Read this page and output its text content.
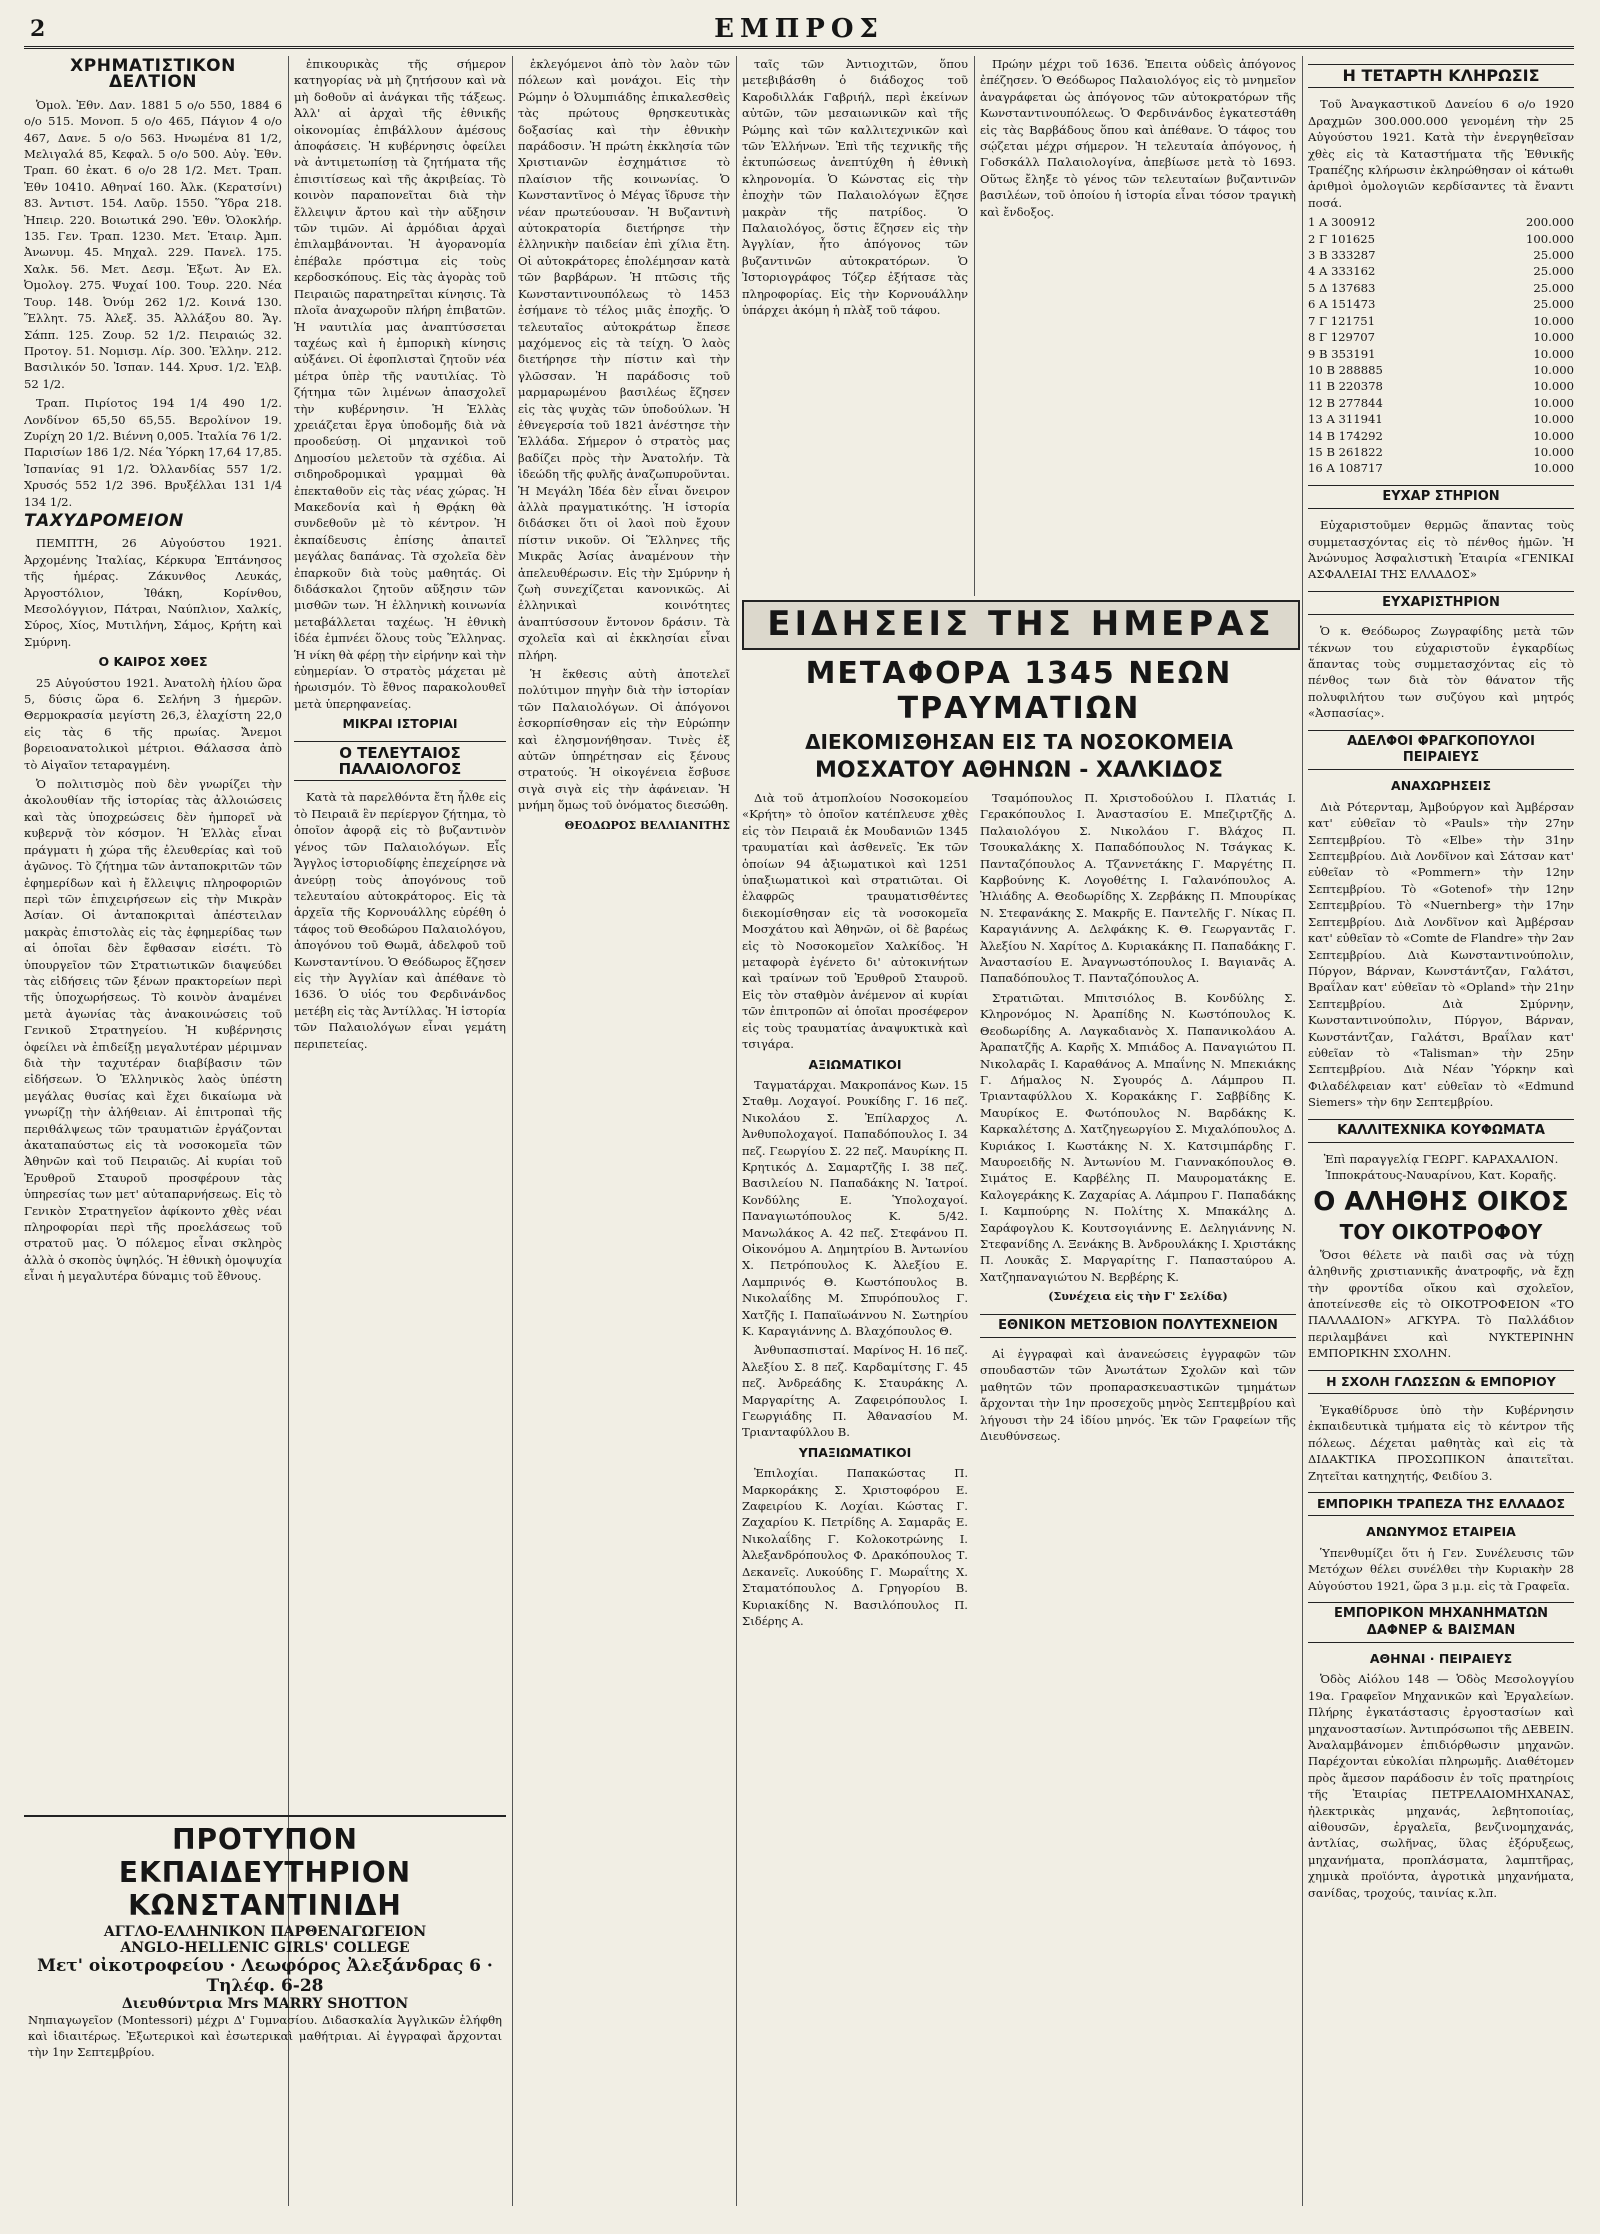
2	ΕΜΠΡΟΣ
ΧΡΗΜΑΤΙΣΤΙΚΟΝ ΔΕΛΤΙΟΝ

Ὁμολ. Ἐθν. Δαν. 1881 5 ο/ο 550, 1884 6 ο/ο 515. Μονοπ. 5 ο/ο 465, Πάγιον 4 ο/ο 467, Δανε. 5 ο/ο 563. Ηνωμένα 81 1/2, Μελιγαλά 85, Κεφαλ. 5 ο/ο 500. Αὐγ. Ἐθν. Τραπ. 60 ἐκατ. 6 ο/ο 28 1/2. Μετ. Τραπ. Ἐθν 10410. Αθηναί 160. Ἀλκ. (Κερατσίνι) 83. Ἀντιστ. 154. Λαῦρ. 1550. Ὕδρα 218. Ἠπειρ. 220. Βοιωτικά 290. Ἐθν. Ὁλοκλήρ. 135. Γεν. Τραπ. 1230. Μετ. Ἐταιρ. Ἀμπ. Ἀνωνυμ. 45. Μηχαλ. 229. Πανελ. 175. Χαλκ. 56. Μετ. Δεσμ. Ἐξωτ. Ἀν Ελ. Ὀμολογ. 275. Ψυχαί 100. Τουρ. 220. Νέα Τουρ. 148. Ὀνύμ 262 1/2. Κοινά 130. Ἕλλητ. 75. Ἀλεξ. 35. Ἀλλάξου 80. Ἄγ. Σάππ. 125. Ζουρ. 52 1/2. Πειραιώς 32. Προτογ. 51. Νομισμ. Λίρ. 300. Ἐλλην. 212. Βασιλικόν 50. Ἰσπαν. 144. Χρυσ. 1/2. Ἐλβ. 52 1/2.

Τραπ. Πιρίοτος 194 1/4 490 1/2. Λονδίνον 65,50 65,55. Βερολίνον 19. Ζυρίχη 20 1/2. Βιέννη 0,005. Ἰταλία 76 1/2. Παρισίων 186 1/2. Νέα Ὑόρκη 17,64 17,85. Ἰσπανίας 91 1/2. Ὀλλανδίας 557 1/2. Χρυσός 552 1/2 396. Βρυξέλλαι 131 1/4 134 1/2.

ΤΑΧΥΔΡΟΜΕΙΟΝ

ΠΕΜΠΤΗ, 26 Αὐγούστου 1921. Ἀρχομένης Ἰταλίας, Κέρκυρα Ἑπτάνησος τῆς ἡμέρας. Ζάκυνθος Λευκάς, Ἀργοστόλιον, Ἰθάκη, Κορίνθου, Μεσολόγγιον, Πάτραι, Ναύπλιον, Χαλκίς, Σύρος, Χίος, Μυτιλήνη, Σάμος, Κρήτη καὶ Σμύρνη.

Ο ΚΑΙΡΟΣ ΧΘΕΣ

25 Αὐγούστου 1921. Ἀνατολὴ ἡλίου ὥρα 5, δύσις ὥρα 6. Σελήνη 3 ἡμερῶν. Θερμοκρασία μεγίστη 26,3, ἐλαχίστη 22,0 εἰς τὰς 6 τῆς πρωίας. Ἄνεμοι βορειοανατολικοὶ μέτριοι. Θάλασσα ἀπὸ τὸ Αἰγαῖον τεταραγμένη.

Ὁ πολιτισμὸς ποὺ δὲν γνωρίζει τὴν ἀκολουθίαν τῆς ἱστορίας τὰς ἀλλοιώσεις καὶ τὰς ὑποχρεώσεις δὲν ἠμπορεῖ νὰ κυβερνᾷ τὸν κόσμον. Ἡ Ἑλλὰς εἶναι πράγματι ἡ χώρα τῆς ἐλευθερίας καὶ τοῦ ἀγῶνος. Τὸ ζήτημα τῶν ἀνταποκριτῶν τῶν ἐφημερίδων καὶ ἡ ἔλλειψις πληροφοριῶν περὶ τῶν ἐπιχειρήσεων εἰς τὴν Μικρὰν Ἀσίαν. Οἱ ἀνταποκριταὶ ἀπέστειλαν μακρὰς ἐπιστολὰς εἰς τὰς ἐφημερίδας των αἱ ὁποῖαι δὲν ἔφθασαν εἰσέτι. Τὸ ὑπουργεῖον τῶν Στρατιωτικῶν διαψεύδει τὰς εἰδήσεις τῶν ξένων πρακτορείων περὶ τῆς ὑποχωρήσεως. Τὸ κοινὸν ἀναμένει μετὰ ἀγωνίας τὰς ἀνακοινώσεις τοῦ Γενικοῦ Στρατηγείου. Ἡ κυβέρνησις ὀφείλει νὰ ἐπιδείξῃ μεγαλυτέραν μέριμναν διὰ τὴν ταχυτέραν διαβίβασιν τῶν εἰδήσεων. Ὁ Ἑλληνικὸς λαὸς ὑπέστη μεγάλας θυσίας καὶ ἔχει δικαίωμα νὰ γνωρίζῃ τὴν ἀλήθειαν. Αἱ ἐπιτροπαὶ τῆς περιθάλψεως τῶν τραυματιῶν ἐργάζονται ἀκαταπαύστως εἰς τὰ νοσοκομεῖα τῶν Ἀθηνῶν καὶ τοῦ Πειραιῶς. Αἱ κυρίαι τοῦ Ἐρυθροῦ Σταυροῦ προσφέρουν τὰς ὑπηρεσίας των μετ' αὐταπαρνήσεως. Εἰς τὸ Γενικὸν Στρατηγεῖον ἀφίκοντο χθὲς νέαι πληροφορίαι περὶ τῆς προελάσεως τοῦ στρατοῦ μας. Ὁ πόλεμος εἶναι σκληρὸς ἀλλὰ ὁ σκοπὸς ὑψηλός. Ἡ ἐθνικὴ ὁμοψυχία εἶναι ἡ μεγαλυτέρα δύναμις τοῦ ἔθνους.

ἐπικουρικὰς τῆς σήμερον κατηγορίας νὰ μὴ ζητήσουν καὶ νὰ μὴ δοθοῦν αἱ ἀνάγκαι τῆς τάξεως. Ἀλλ' αἱ ἀρχαὶ τῆς ἐθνικῆς οἰκονομίας ἐπιβάλλουν ἀμέσους ἀποφάσεις. Ἡ κυβέρνησις ὀφείλει νὰ ἀντιμετωπίσῃ τὰ ζητήματα τῆς ἐπισιτίσεως καὶ τῆς ἀκριβείας. Τὸ κοινὸν παραπονεῖται διὰ τὴν ἔλλειψιν ἄρτου καὶ τὴν αὔξησιν τῶν τιμῶν. Αἱ ἀρμόδιαι ἀρχαὶ ἐπιλαμβάνονται. Ἡ ἀγορανομία ἐπέβαλε πρόστιμα εἰς τοὺς κερδοσκόπους. Εἰς τὰς ἀγορὰς τοῦ Πειραιῶς παρατηρεῖται κίνησις. Τὰ πλοῖα ἀναχωροῦν πλήρη ἐπιβατῶν. Ἡ ναυτιλία μας ἀναπτύσσεται ταχέως καὶ ἡ ἐμπορικὴ κίνησις αὐξάνει. Οἱ ἐφοπλισταὶ ζητοῦν νέα μέτρα ὑπὲρ τῆς ναυτιλίας. Τὸ ζήτημα τῶν λιμένων ἀπασχολεῖ τὴν κυβέρνησιν. Ἡ Ἑλλὰς χρειάζεται ἔργα ὑποδομῆς διὰ νὰ προοδεύσῃ. Οἱ μηχανικοὶ τοῦ Δημοσίου μελετοῦν τὰ σχέδια. Αἱ σιδηροδρομικαὶ γραμμαὶ θὰ ἐπεκταθοῦν εἰς τὰς νέας χώρας. Ἡ Μακεδονία καὶ ἡ Θρᾴκη θὰ συνδεθοῦν μὲ τὸ κέντρον. Ἡ ἐκπαίδευσις ἐπίσης ἀπαιτεῖ μεγάλας δαπάνας. Τὰ σχολεῖα δὲν ἐπαρκοῦν διὰ τοὺς μαθητάς. Οἱ διδάσκαλοι ζητοῦν αὔξησιν τῶν μισθῶν των. Ἡ ἑλληνικὴ κοινωνία μεταβάλλεται ταχέως. Ἡ ἐθνικὴ ἰδέα ἐμπνέει ὅλους τοὺς Ἕλληνας. Ἡ νίκη θὰ φέρῃ τὴν εἰρήνην καὶ τὴν εὐημερίαν. Ὁ στρατὸς μάχεται μὲ ἡρωισμόν. Τὸ ἔθνος παρακολουθεῖ μετὰ ὑπερηφανείας.

ΜΙΚΡΑΙ ΙΣΤΟΡΙΑΙ
Ο ΤΕΛΕΥΤΑΙΟΣ ΠΑΛΑΙΟΛΟΓΟΣ

Κατὰ τὰ παρελθόντα ἔτη ἦλθε εἰς τὸ Πειραιᾶ ἓν περίεργον ζήτημα, τὸ ὁποῖον ἀφορᾷ εἰς τὸ βυζαντινὸν γένος τῶν Παλαιολόγων. Εἷς Ἄγγλος ἱστοριοδίφης ἐπεχείρησε νὰ ἀνεύρῃ τοὺς ἀπογόνους τοῦ τελευταίου αὐτοκράτορος. Εἰς τὰ ἀρχεῖα τῆς Κορνουάλλης εὑρέθη ὁ τάφος τοῦ Θεοδώρου Παλαιολόγου, ἀπογόνου τοῦ Θωμᾶ, ἀδελφοῦ τοῦ Κωνσταντίνου. Ὁ Θεόδωρος ἔζησεν εἰς τὴν Ἀγγλίαν καὶ ἀπέθανε τὸ 1636. Ὁ υἱός του Φερδινάνδος μετέβη εἰς τὰς Ἀντίλλας. Ἡ ἱστορία τῶν Παλαιολόγων εἶναι γεμάτη περιπετείας.

ἐκλεγόμενοι ἀπὸ τὸν λαὸν τῶν πόλεων καὶ μονάχοι. Εἰς τὴν Ρώμην ὁ Ὀλυμπιάδης ἐπικαλεσθεὶς τὰς πρώτους θρησκευτικὰς δοξασίας καὶ τὴν ἐθνικὴν παράδοσιν. Ἡ πρώτη ἐκκλησία τῶν Χριστιανῶν ἐσχημάτισε τὸ πλαίσιον τῆς κοινωνίας. Ὁ Κωνσταντῖνος ὁ Μέγας ἵδρυσε τὴν νέαν πρωτεύουσαν. Ἡ Βυζαντινὴ αὐτοκρατορία διετήρησε τὴν ἑλληνικὴν παιδείαν ἐπὶ χίλια ἔτη. Οἱ αὐτοκράτορες ἐπολέμησαν κατὰ τῶν βαρβάρων. Ἡ πτῶσις τῆς Κωνσταντινουπόλεως τὸ 1453 ἐσήμανε τὸ τέλος μιᾶς ἐποχῆς. Ὁ τελευταῖος αὐτοκράτωρ ἔπεσε μαχόμενος εἰς τὰ τείχη. Ὁ λαὸς διετήρησε τὴν πίστιν καὶ τὴν γλῶσσαν. Ἡ παράδοσις τοῦ μαρμαρωμένου βασιλέως ἔζησεν εἰς τὰς ψυχὰς τῶν ὑποδούλων. Ἡ ἐθνεγερσία τοῦ 1821 ἀνέστησε τὴν Ἑλλάδα. Σήμερον ὁ στρατὸς μας βαδίζει πρὸς τὴν Ἀνατολήν. Τὰ ἰδεώδη τῆς φυλῆς ἀναζωπυροῦνται. Ἡ Μεγάλη Ἰδέα δὲν εἶναι ὄνειρον ἀλλὰ πραγματικότης. Ἡ ἱστορία διδάσκει ὅτι οἱ λαοὶ ποὺ ἔχουν πίστιν νικοῦν. Οἱ Ἕλληνες τῆς Μικρᾶς Ἀσίας ἀναμένουν τὴν ἀπελευθέρωσιν. Εἰς τὴν Σμύρνην ἡ ζωὴ συνεχίζεται κανονικῶς. Αἱ ἑλληνικαὶ κοινότητες ἀναπτύσσουν ἔντονον δράσιν. Τὰ σχολεῖα καὶ αἱ ἐκκλησίαι εἶναι πλήρη.

Ἡ ἔκθεσις αὐτὴ ἀποτελεῖ πολύτιμον πηγὴν διὰ τὴν ἱστορίαν τῶν Παλαιολόγων. Οἱ ἀπόγονοι ἐσκορπίσθησαν εἰς τὴν Εὐρώπην καὶ ἐλησμονήθησαν. Τινὲς ἐξ αὐτῶν ὑπηρέτησαν εἰς ξένους στρατούς. Ἡ οἰκογένεια ἔσβυσε σιγὰ σιγὰ εἰς τὴν ἀφάνειαν. Ἡ μνήμη ὅμως τοῦ ὀνόματος διεσώθη.

ΘΕΟΔΩΡΟΣ ΒΕΛΛΙΑΝΙΤΗΣ

ταῖς τῶν Ἀντιοχιτῶν, ὅπου μετεβιβάσθη ὁ διάδοχος τοῦ Καροδιλλάκ Γαβριήλ, περὶ ἐκείνων αὐτῶν, τῶν μεσαιωνικῶν καὶ τῆς Ρώμης καὶ τῶν καλλιτεχνικῶν καὶ τῶν Ἑλλήνων. Ἐπὶ τῆς τεχνικῆς τῆς ἐκτυπώσεως ἀνεπτύχθη ἡ ἐθνικὴ κληρονομία. Ὁ Κώνστας εἰς τὴν ἐποχὴν τῶν Παλαιολόγων ἔζησε μακρὰν τῆς πατρίδος. Ὁ Παλαιολόγος, ὅστις ἔζησεν εἰς τὴν Ἀγγλίαν, ἦτο ἀπόγονος τῶν βυζαντινῶν αὐτοκρατόρων. Ὁ Ἰστοριογράφος Τόζερ ἐξήτασε τὰς πληροφορίας. Εἰς τὴν Κορνουάλλην ὑπάρχει ἀκόμη ἡ πλὰξ τοῦ τάφου.

Πρώην μέχρι τοῦ 1636. Ἐπειτα οὐδεὶς ἀπόγονος ἐπέζησεν. Ὁ Θεόδωρος Παλαιολόγος εἰς τὸ μνημεῖον ἀναγράφεται ὡς ἀπόγονος τῶν αὐτοκρατόρων τῆς Κωνσταντινουπόλεως. Ὁ Φερδινάνδος ἐγκατεστάθη εἰς τὰς Βαρβάδους ὅπου καὶ ἀπέθανε. Ὁ τάφος του σῴζεται μέχρι σήμερον. Ἡ τελευταία ἀπόγονος, ἡ Γοδσκάλλ Παλαιολογίνα, ἀπεβίωσε μετὰ τὸ 1693. Οὕτως ἔληξε τὸ γένος τῶν τελευταίων βυζαντινῶν βασιλέων, τοῦ ὁποίου ἡ ἱστορία εἶναι τόσον τραγικὴ καὶ ἔνδοξος.

ΕΙΔΗΣΕΙΣ ΤΗΣ ΗΜΕΡΑΣ
ΜΕΤΑΦΟΡΑ 1345 ΝΕΩΝ ΤΡΑΥΜΑΤΙΩΝ
ΔΙΕΚΟΜΙΣΘΗΣΑΝ ΕΙΣ ΤΑ ΝΟΣΟΚΟΜΕΙΑ
ΜΟΣΧΑΤΟΥ ΑΘΗΝΩΝ - ΧΑΛΚΙΔΟΣ

Διὰ τοῦ ἀτμοπλοίου Νοσοκομείου «Κρήτη» τὸ ὁποῖον κατέπλευσε χθὲς εἰς τὸν Πειραιᾶ ἐκ Μουδανιῶν 1345 τραυματίαι καὶ ἀσθενεῖς. Ἐκ τῶν ὁποίων 94 ἀξιωματικοὶ καὶ 1251 ὑπαξιωματικοὶ καὶ στρατιῶται. Οἱ ἐλαφρῶς τραυματισθέντες διεκομίσθησαν εἰς τὰ νοσοκομεῖα Μοσχάτου καὶ Ἀθηνῶν, οἱ δὲ βαρέως εἰς τὸ Νοσοκομεῖον Χαλκίδος. Ἡ μεταφορὰ ἐγένετο δι' αὐτοκινήτων καὶ τραίνων τοῦ Ἐρυθροῦ Σταυροῦ. Εἰς τὸν σταθμὸν ἀνέμενον αἱ κυρίαι τῶν ἐπιτροπῶν αἱ ὁποῖαι προσέφερον εἰς τοὺς τραυματίας ἀναψυκτικὰ καὶ τσιγάρα.

ΑΞΙΩΜΑΤΙΚΟΙ

Ταγματάρχαι. Μακροπάνος Κων. 15 Σταθμ. Λοχαγοί. Ρουκίδης Γ. 16 πεζ. Νικολάου Σ. Ἐπίλαρχος Λ. Ἀνθυπολοχαγοί. Παπαδόπουλος Ι. 34 πεζ. Γεωργίου Σ. 22 πεζ. Μαυρίκης Π. Κρητικός Δ. Σαμαρτζῆς Ι. 38 πεζ. Βασιλείου Ν. Παπαδάκης Ν. Ἰατροί. Κονδύλης Ε. Ὑπολοχαγοί. Παναγιωτόπουλος Κ. 5/42. Μανωλάκος Α. 42 πεζ. Στεφάνου Π. Οἰκονόμου Α. Δημητρίου Β. Ἀντωνίου Χ. Πετρόπουλος Κ. Ἀλεξίου Ε. Λαμπρινός Θ. Κωστόπουλος Β. Νικολαΐδης Μ. Σπυρόπουλος Γ. Χατζῆς Ι. Παπαϊωάννου Ν. Σωτηρίου Κ. Καραγιάννης Δ. Βλαχόπουλος Θ.

Ἀνθυπασπισταί. Μαρίνος Η. 16 πεζ. Ἀλεξίου Σ. 8 πεζ. Καρδαμίτσης Γ. 45 πεζ. Ἀνδρεάδης Κ. Σταυράκης Λ. Μαργαρίτης Α. Ζαφειρόπουλος Ι. Γεωργιάδης Π. Ἀθανασίου Μ. Τριανταφύλλου Β.

ΥΠΑΞΙΩΜΑΤΙΚΟΙ

Ἐπιλοχίαι. Παπακώστας Π. Μαρκοράκης Σ. Χριστοφόρου Ε. Ζαφειρίου Κ. Λοχίαι. Κώστας Γ. Ζαχαρίου Κ. Πετρίδης Α. Σαμαρᾶς Ε. Νικολαΐδης Γ. Κολοκοτρώνης Ι. Ἀλεξανδρόπουλος Φ. Δρακόπουλος Τ. Δεκανεῖς. Λυκούδης Γ. Μωραΐτης Χ. Σταματόπουλος Δ. Γρηγορίου Β. Κυριακίδης Ν. Βασιλόπουλος Π. Σιδέρης Α.

Τσαμόπουλος Π. Χριστοδούλου Ι. Πλατιάς Ι. Γερακόπουλος Ι. Ἀναστασίου Ε. Μπεζιρτζῆς Δ. Παλαιολόγου Σ. Νικολάου Γ. Βλάχος Π. Τσουκαλάκης Χ. Παπαδόπουλος Ν. Τσάγκας Κ. Πανταζόπουλος Α. Τζαννετάκης Γ. Μαργέτης Π. Καρβούνης Κ. Λογοθέτης Ι. Γαλανόπουλος Α. Ἠλιάδης Α. Θεοδωρίδης Χ. Ζερβάκης Π. Μπουρίκας Ν. Στεφανάκης Σ. Μακρῆς Ε. Παντελῆς Γ. Νίκας Π. Καραγιάννης Α. Δελφάκης Κ. Θ. Γεωργαντᾶς Γ. Ἀλεξίου Ν. Χαρίτος Δ. Κυριακάκης Π. Παπαδάκης Γ. Ἀναστασίου Ε. Ἀναγνωστόπουλος Ι. Βαγιανᾶς Α. Παπαδόπουλος Τ. Πανταζόπουλος Α.

Στρατιῶται. Μπιτσιόλος Β. Κονδύλης Σ. Κληρονόμος Ν. Ἀραπίδης Ν. Κωστόπουλος Κ. Θεοδωρίδης Α. Λαγκαδιανὸς Χ. Παπανικολάου Α. Ἀραπατζῆς Α. Καρῆς Χ. Μπιάδος Α. Παναγιώτου Π. Νικολαρᾶς Ι. Καραθάνος Α. Μπαΐνης Ν. Μπεκιάκης Γ. Δήμαλος Ν. Σγουρός Δ. Λάμπρου Π. Τριανταφύλλου Χ. Κορακάκης Γ. Σαββίδης Κ. Μαυρίκος Ε. Φωτόπουλος Ν. Βαρδάκης Κ. Καρκαλέτσης Δ. Χατζηγεωργίου Σ. Μιχαλόπουλος Δ. Κυριάκος Ι. Κωστάκης Ν. Χ. Κατσιμπάρδης Γ. Μαυροειδῆς Ν. Ἀντωνίου Μ. Γιαννακόπουλος Θ. Σιμάτος Ε. Καρβέλης Π. Μαυροματάκης Ε. Καλογεράκης Κ. Ζαχαρίας Α. Λάμπρου Γ. Παπαδάκης Ι. Καμπούρης Ν. Πολίτης Χ. Μπακάλης Δ. Σαράφογλου Κ. Κουτσογιάννης Ε. Δεληγιάννης Ν. Στεφανίδης Λ. Ξενάκης Β. Ἀνδρουλάκης Ι. Χριστάκης Π. Λουκᾶς Σ. Μαργαρίτης Γ. Παπασταύρου Α. Χατζηπαναγιώτου Ν. Βερβέρης Κ.

(Συνέχεια εἰς τὴν Γ' Σελίδα)
ΕΘΝΙΚΟΝ ΜΕΤΣΟΒΙΟΝ ΠΟΛΥΤΕΧΝΕΙΟΝ

Αἱ ἐγγραφαὶ καὶ ἀνανεώσεις ἐγγραφῶν τῶν σπουδαστῶν τῶν Ἀνωτάτων Σχολῶν καὶ τῶν μαθητῶν τῶν προπαρασκευαστικῶν τμημάτων ἄρχονται τὴν 1ην προσεχοῦς μηνὸς Σεπτεμβρίου καὶ λήγουσι τὴν 24 ἰδίου μηνός. Ἐκ τῶν Γραφείων τῆς Διευθύνσεως.

Η ΤΕΤΑΡΤΗ ΚΛΗΡΩΣΙΣ

Τοῦ Ἀναγκαστικοῦ Δανείου 6 ο/ο 1920 Δραχμῶν 300.000.000 γενομένη τὴν 25 Αὐγούστου 1921. Κατὰ τὴν ἐνεργηθεῖσαν χθὲς εἰς τὰ Καταστήματα τῆς Ἐθνικῆς Τραπέζης κλήρωσιν ἐκληρώθησαν οἱ κάτωθι ἀριθμοὶ ὁμολογιῶν κερδίσαντες τὰ ἔναντι ποσά.

1 Α 300912	200.000
2 Γ 101625	100.000
3 Β 333287	25.000
4 Α 333162	25.000
5 Δ 137683	25.000
6 Α 151473	25.000
7 Γ 121751	10.000
8 Γ 129707	10.000
9 Β 353191	10.000
10 Β 288885	10.000
11 Β 220378	10.000
12 Β 277844	10.000
13 Α 311941	10.000
14 Β 174292	10.000
15 Β 261822	10.000
16 Α 108717	10.000
ΕΥΧΑΡ ΣΤΗΡΙΟΝ

Εὐχαριστοῦμεν θερμῶς ἅπαντας τοὺς συμμετασχόντας εἰς τὸ πένθος ἡμῶν. Ἡ Ἀνώνυμος Ἀσφαλιστικὴ Ἑταιρία «ΓΕΝΙΚΑΙ ΑΣΦΑΛΕΙΑΙ ΤΗΣ ΕΛΛΑΔΟΣ»

ΕΥΧΑΡΙΣΤΗΡΙΟΝ

Ὁ κ. Θεόδωρος Ζωγραφίδης μετὰ τῶν τέκνων του εὐχαριστοῦν ἐγκαρδίως ἅπαντας τοὺς συμμετασχόντας εἰς τὸ πένθος των διὰ τὸν θάνατον τῆς πολυφιλήτου των συζύγου καὶ μητρός «Ἀσπασίας».

ΑΔΕΛΦΟΙ ΦΡΑΓΚΟΠΟΥΛΟΙ ΠΕΙΡΑΙΕΥΣ
ΑΝΑΧΩΡΗΣΕΙΣ

Διὰ Ρότερνταμ, Ἀμβούργον καὶ Ἀμβέρσαν κατ' εὐθεῖαν τὸ «Pauls» τὴν 27ην Σεπτεμβρίου. Τὸ «Elbe» τὴν 31ην Σεπτεμβρίου. Διὰ Λονδῖνον καὶ Σάτσαν κατ' εὐθεῖαν τὸ «Pommern» τὴν 12ην Σεπτεμβρίου. Τὸ «Gotenof» τὴν 12ην Σεπτεμβρίου. Τὸ «Nuernberg» τὴν 17ην Σεπτεμβρίου. Διὰ Λονδῖνον καὶ Ἀμβέρσαν κατ' εὐθεῖαν τὸ «Comte de Flandre» τὴν 2αν Σεπτεμβρίου. Διὰ Κωνσταντινούπολιν, Πύργον, Βάρναν, Κωνστάντζαν, Γαλάτσι, Βραΐλαν κατ' εὐθεῖαν τὸ «Opland» τὴν 21ην Σεπτεμβρίου. Διὰ Σμύρνην, Κωνσταντινούπολιν, Πύργον, Βάρναν, Κωνστάντζαν, Γαλάτσι, Βραΐλαν κατ' εὐθεῖαν τὸ «Talisman» τὴν 25ην Σεπτεμβρίου. Διὰ Νέαν Ὑόρκην καὶ Φιλαδέλφειαν κατ' εὐθεῖαν τὸ «Edmund Siemers» τὴν 6ην Σεπτεμβρίου.

ΚΑΛΛΙΤΕΧΝΙΚΑ ΚΟΥΦΩΜΑΤΑ

Ἐπὶ παραγγελίᾳ ΓΕΩΡΓ. ΚΑΡΑΧΑΛΙΟΝ. Ἱπποκράτους-Ναυαρίνου, Κατ. Κοραῆς.

Ο ΑΛΗΘΗΣ ΟΙΚΟΣ
ΤΟΥ ΟΙΚΟΤΡΟΦΟΥ

Ὅσοι θέλετε νὰ παιδὶ σας νὰ τύχῃ ἀληθινῆς χριστιανικῆς ἀνατροφῆς, νὰ ἔχῃ τὴν φροντίδα οἴκου καὶ σχολεῖον, ἀποτείνεσθε εἰς τὸ ΟΙΚΟΤΡΟΦΕΙΟΝ «ΤΟ ΠΑΛΛΑΔΙΟΝ» ΑΓΚΥΡΑ. Τὸ Παλλάδιον περιλαμβάνει καὶ ΝΥΚΤΕΡΙΝΗΝ ΕΜΠΟΡΙΚΗΝ ΣΧΟΛΗΝ.

Η ΣΧΟΛΗ ΓΛΩΣΣΩΝ & ΕΜΠΟΡΙΟΥ

Ἐγκαθίδρυσε ὑπὸ τὴν Κυβέρνησιν ἐκπαιδευτικὰ τμήματα εἰς τὸ κέντρον τῆς πόλεως. Δέχεται μαθητὰς καὶ εἰς τὰ ΔΙΔΑΚΤΙΚΑ ΠΡΟΣΩΠΙΚΟΝ ἀπαιτεῖται. Ζητεῖται κατηχητής, Φειδίου 3.

ΕΜΠΟΡΙΚΗ ΤΡΑΠΕΖΑ ΤΗΣ ΕΛΛΑΔΟΣ
ΑΝΩΝΥΜΟΣ ΕΤΑΙΡΕΙΑ

Ὑπενθυμίζει ὅτι ἡ Γεν. Συνέλευσις τῶν Μετόχων θέλει συνέλθει τὴν Κυριακὴν 28 Αὐγούστου 1921, ὥρα 3 μ.μ. εἰς τὰ Γραφεῖα.

ΕΜΠΟΡΙΚΟΝ ΜΗΧΑΝΗΜΑΤΩΝ ΔΑΦΝΕΡ & ΒΑΙΣΜΑΝ
ΑΘΗΝΑΙ · ΠΕΙΡΑΙΕΥΣ

Ὁδὸς Αἰόλου 148 — Ὁδὸς Μεσολογγίου 19α. Γραφεῖον Μηχανικῶν καὶ Ἐργαλείων. Πλήρης ἐγκατάστασις ἐργοστασίων καὶ μηχανοστασίων. Ἀντιπρόσωποι τῆς ΔΕΒΕΙΝ. Ἀναλαμβάνομεν ἐπιδιόρθωσιν μηχανῶν. Παρέχονται εὐκολίαι πληρωμῆς. Διαθέτομεν πρὸς ἄμεσον παράδοσιν ἐν τοῖς πρατηρίοις τῆς Ἑταιρίας ΠΕΤΡΕΛΑΙΟΜΗΧΑΝΑΣ, ἠλεκτρικὰς μηχανάς, λεβητοποιίας, αἰθουσῶν, ἐργαλεῖα, βενζινομηχανάς, ἀντλίας, σωλῆνας, ὕλας ἐξόρυξεως, μηχανήματα, προπλάσματα, λαμπτῆρας, χημικὰ προϊόντα, ἀγροτικὰ μηχανήματα, σανίδας, τροχούς, ταινίας κ.λπ.

ΠΡΟΤΥΠΟΝ ΕΚΠΑΙΔΕΥΤΗΡΙΟΝ ΚΩΝΣΤΑΝΤΙΝΙΔΗ
ΑΓΓΛΟ-ΕΛΛΗΝΙΚΟΝ ΠΑΡΘΕΝΑΓΩΓΕΙΟΝ
ANGLO-HELLENIC GIRLS' COLLEGE
Μετ' οἰκοτροφείου · Λεωφόρος Ἀλεξάνδρας 6 · Τηλέφ. 6-28
Διευθύντρια Mrs MARRY SHOTTON
Νηπιαγωγεῖον (Montessori) μέχρι Δ' Γυμνασίου. Διδασκαλία Ἀγγλικῶν ἐλήφθη καὶ ἰδιαιτέρως. Ἐξωτερικοὶ καὶ ἐσωτερικαὶ μαθήτριαι. Αἱ ἐγγραφαὶ ἄρχονται τὴν 1ην Σεπτεμβρίου.
